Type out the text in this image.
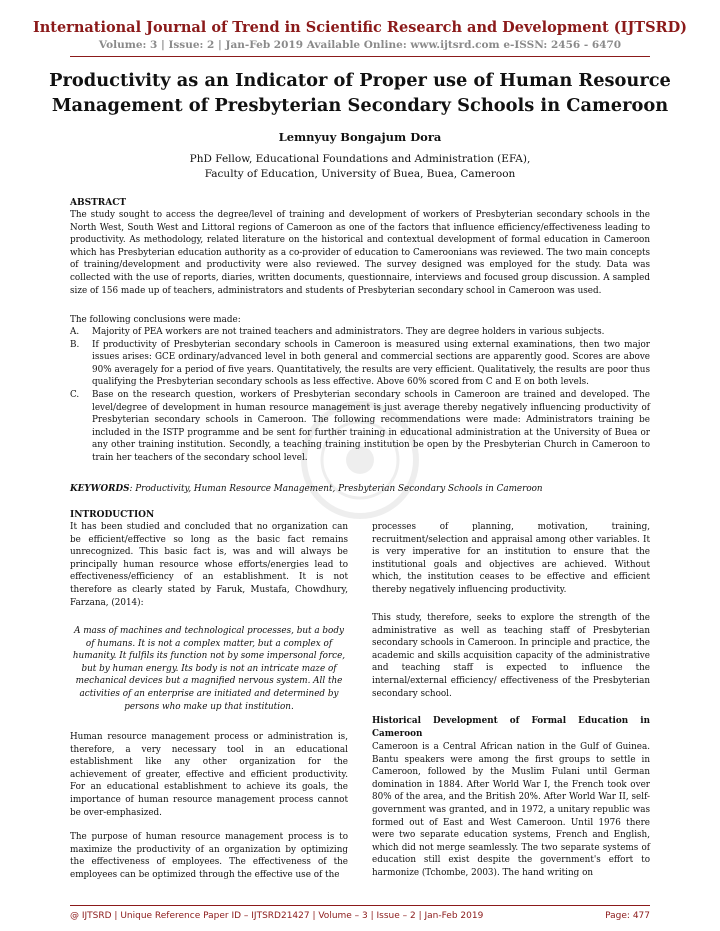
International Journal of Trend in Scientific Research and Development (IJTSRD)
Volume: 3 | Issue: 2 | Jan-Feb 2019 Available Online: www.ijtsrd.com e-ISSN: 2456 - 6470
Productivity as an Indicator of Proper use of Human Resource Management of Presbyterian Secondary Schools in Cameroon
Lemnyuy Bongajum Dora
PhD Fellow, Educational Foundations and Administration (EFA),
Faculty of Education, University of Buea, Buea, Cameroon
ABSTRACT
The study sought to access the degree/level of training and development of workers of Presbyterian secondary schools in the North West, South West and Littoral regions of Cameroon as one of the factors that influence efficiency/effectiveness leading to productivity. As methodology, related literature on the historical and contextual development of formal education in Cameroon which has Presbyterian education authority as a co-provider of education to Cameroonians was reviewed. The two main concepts of training/development and productivity were also reviewed. The survey designed was employed for the study. Data was collected with the use of reports, diaries, written documents, questionnaire, interviews and focused group discussion. A sampled size of 156 made up of teachers, administrators and students of Presbyterian secondary school in Cameroon was used.
The following conclusions were made:
A. Majority of PEA workers are not trained teachers and administrators. They are degree holders in various subjects.
B. If productivity of Presbyterian secondary schools in Cameroon is measured using external examinations, then two major issues arises: GCE ordinary/advanced level in both general and commercial sections are apparently good. Scores are above 90% averagely for a period of five years. Quantitatively, the results are very efficient. Qualitatively, the results are poor thus qualifying the Presbyterian secondary schools as less effective. Above 60% scored from C and E on both levels.
C. Base on the research question, workers of Presbyterian secondary schools in Cameroon are trained and developed. The level/degree of development in human resource management is just average thereby negatively influencing productivity of Presbyterian secondary schools in Cameroon. The following recommendations were made: Administrators training be included in the ISTP programme and be sent for further training in educational administration at the University of Buea or any other training institution. Secondly, a teaching training institution be open by the Presbyterian Church in Cameroon to train her teachers of the secondary school level.
KEYWORDS: Productivity, Human Resource Management, Presbyterian Secondary Schools in Cameroon
INTRODUCTION
It has been studied and concluded that no organization can be efficient/effective so long as the basic fact remains unrecognized. This basic fact is, was and will always be principally human resource whose efforts/energies lead to effectiveness/efficiency of an establishment. It is not therefore as clearly stated by Faruk, Mustafa, Chowdhury, Farzana, (2014):
A mass of machines and technological processes, but a body of humans. It is not a complex matter, but a complex of humanity. It fulfils its function not by some impersonal force, but by human energy. Its body is not an intricate maze of mechanical devices but a magnified nervous system. All the activities of an enterprise are initiated and determined by persons who make up that institution.
Human resource management process or administration is, therefore, a very necessary tool in an educational establishment like any other organization for the achievement of greater, effective and efficient productivity. For an educational establishment to achieve its goals, the importance of human resource management process cannot be over-emphasized.
The purpose of human resource management process is to maximize the productivity of an organization by optimizing the effectiveness of employees. The effectiveness of the employees can be optimized through the effective use of the
processes of planning, motivation, training, recruitment/selection and appraisal among other variables. It is very imperative for an institution to ensure that the institutional goals and objectives are achieved. Without which, the institution ceases to be effective and efficient thereby negatively influencing productivity.
This study, therefore, seeks to explore the strength of the administrative as well as teaching staff of Presbyterian secondary schools in Cameroon. In principle and practice, the academic and skills acquisition capacity of the administrative and teaching staff is expected to influence the internal/external efficiency/ effectiveness of the Presbyterian secondary school.
Historical Development of Formal Education in Cameroon
Cameroon is a Central African nation in the Gulf of Guinea. Bantu speakers were among the first groups to settle in Cameroon, followed by the Muslim Fulani until German domination in 1884. After World War I, the French took over 80% of the area, and the British 20%. After World War II, self-government was granted, and in 1972, a unitary republic was formed out of East and West Cameroon. Until 1976 there were two separate education systems, French and English, which did not merge seamlessly. The two separate systems of education still exist despite the government's effort to harmonize (Tchombe, 2003). The hand writing on
@ IJTSRD | Unique Reference Paper ID – IJTSRD21427 | Volume – 3 | Issue – 2 | Jan-Feb 2019	Page: 477
